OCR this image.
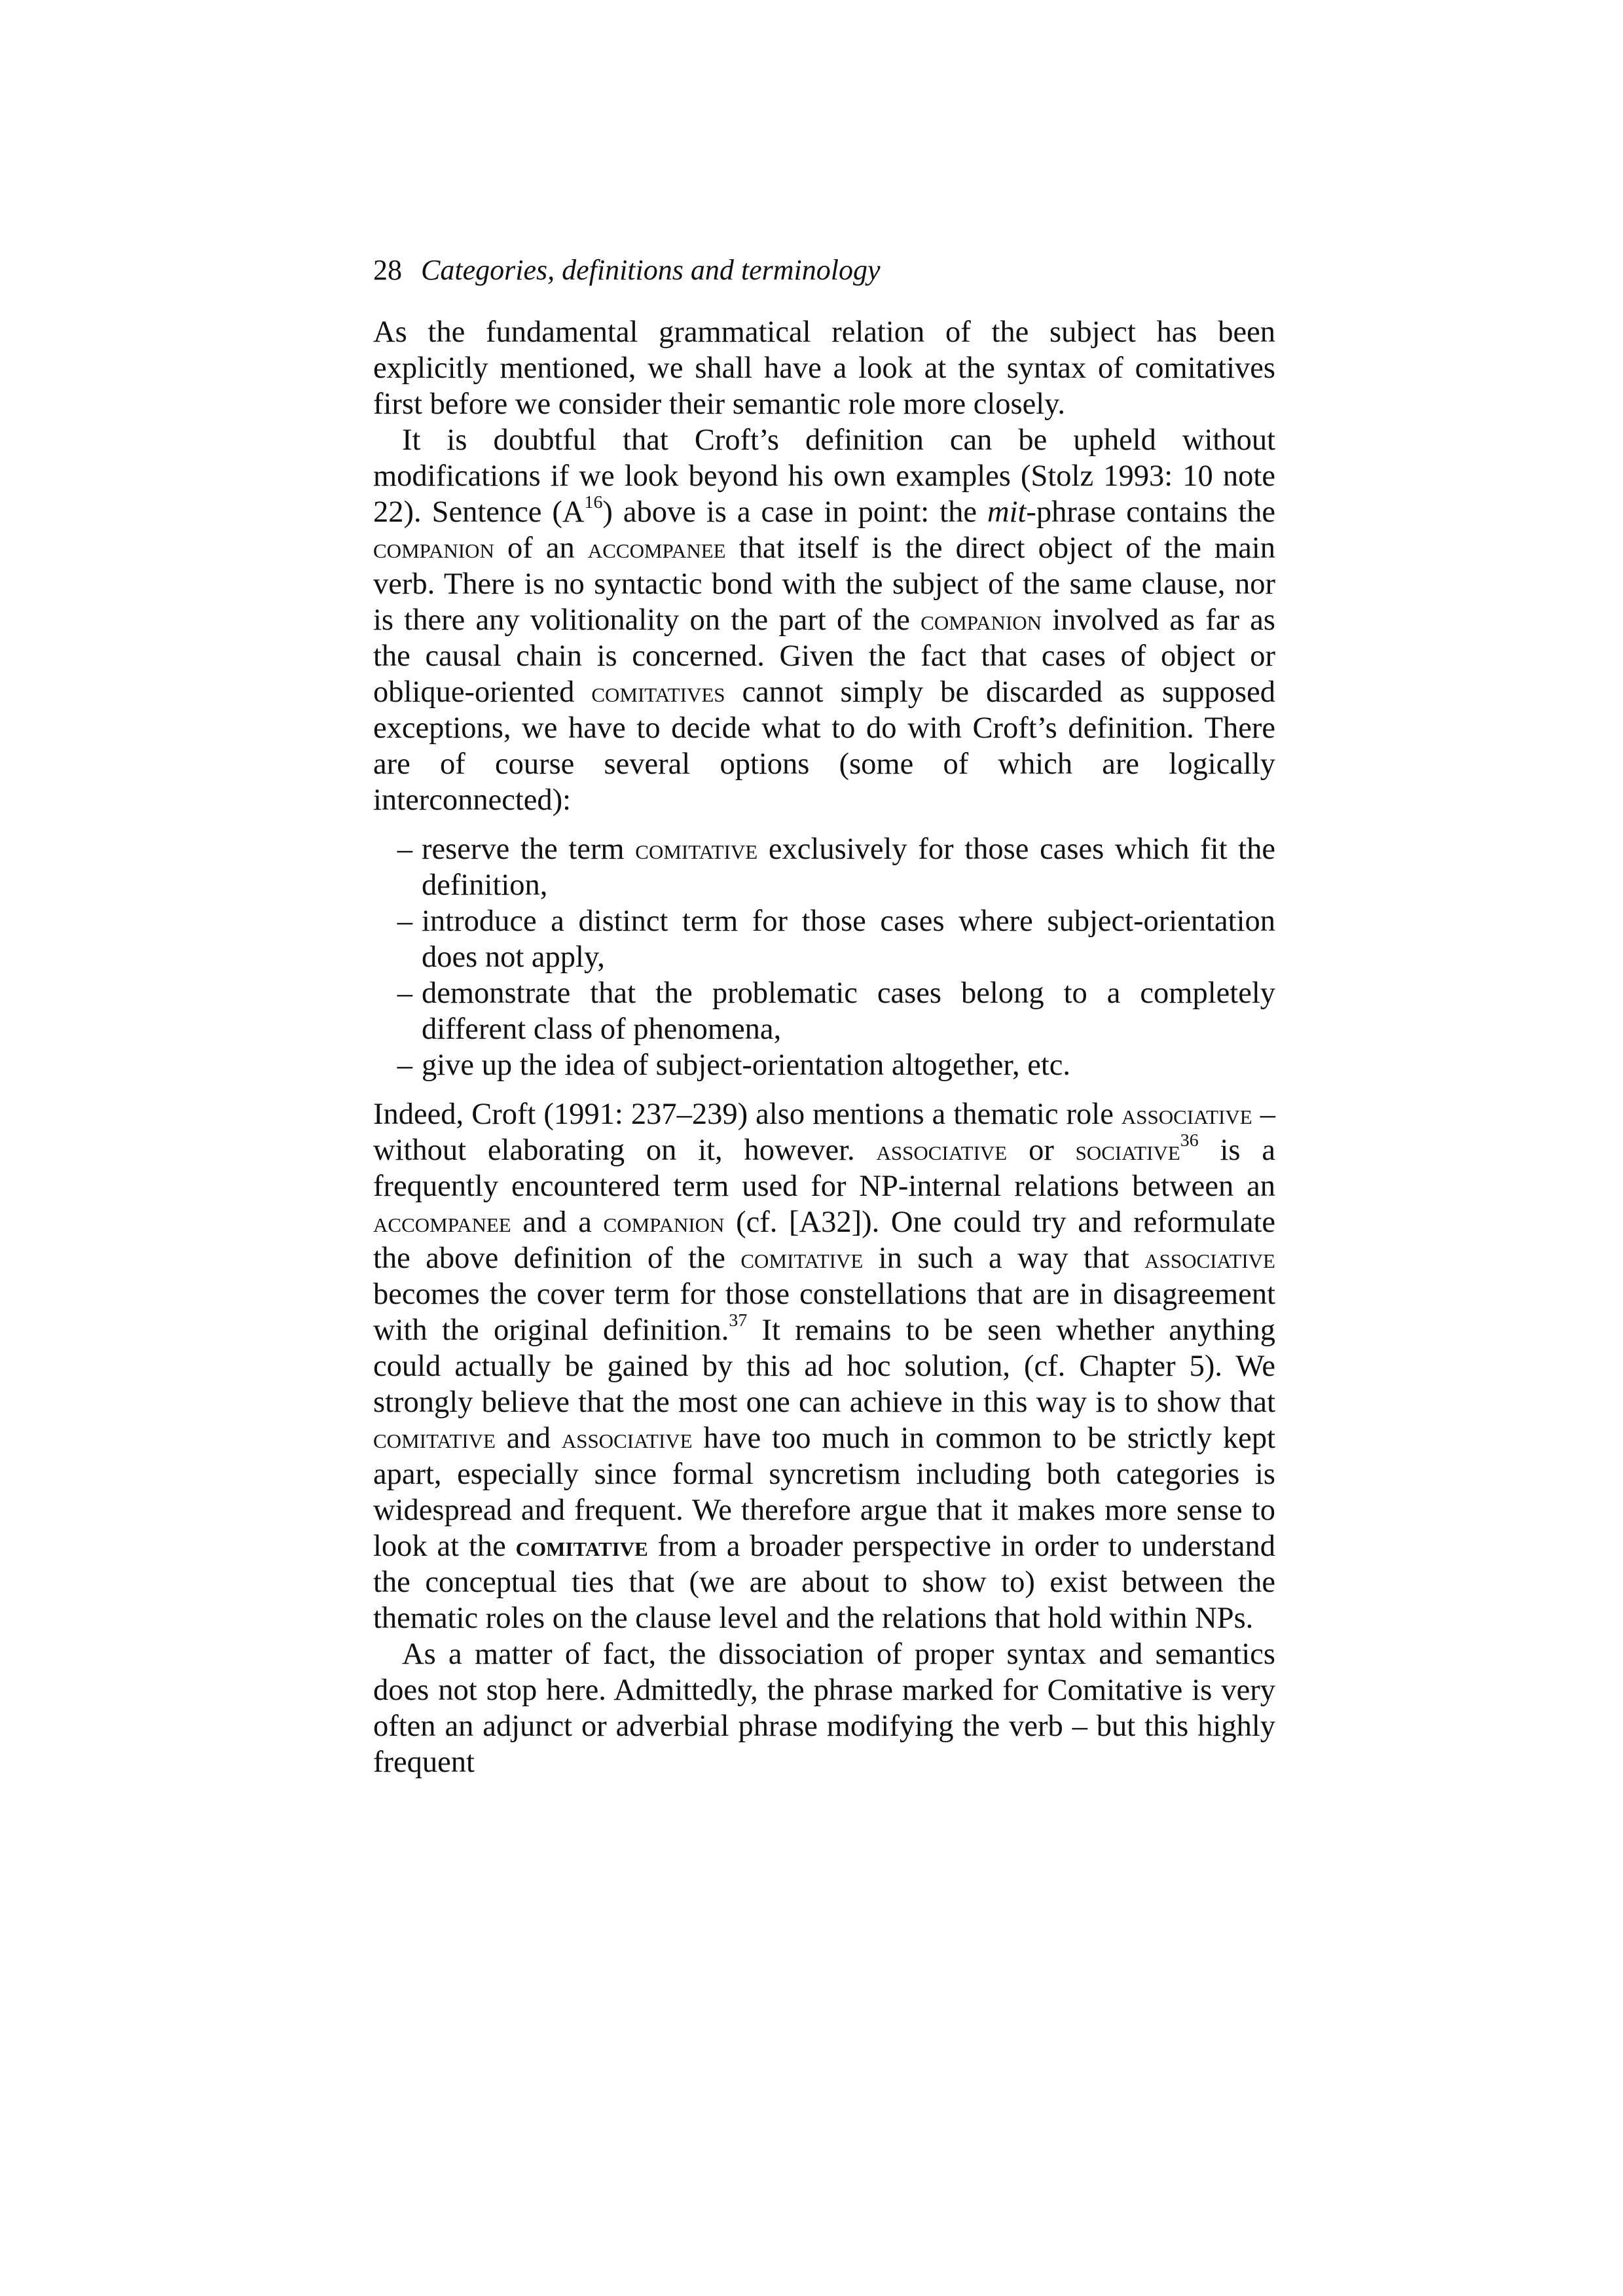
28 Categories, definitions and terminology

As the fundamental grammatical relation of the subject has been explicitly mentioned, we shall have a look at the syntax of comitatives first before we consider their semantic role more closely.

It is doubtful that Croft’s definition can be upheld without modifications if we look beyond his own examples (Stolz 1993: 10 note 22). Sentence $(A^{16})$ above is a case in point: the mit-phrase contains the companion of an accompanee that itself is the direct object of the main verb. There is no syntactic bond with the subject of the same clause, nor is there any volitionality on the part of the companion involved as far as the causal chain is concerned. Given the fact that cases of object or oblique-oriented comitatives cannot simply be discarded as supposed exceptions, we have to decide what to do with Croft’s definition. There are of course several options (some of which are logically interconnected):

– reserve the term comitative exclusively for those cases which fit the definition,
– introduce a distinct term for those cases where subject-orientation does not apply,
– demonstrate that the problematic cases belong to a completely different class of phenomena,
– give up the idea of subject-orientation altogether, etc.

Indeed, Croft (1991: 237–239) also mentions a thematic role associative – without elaborating on it, however. associative or sociative$^{36}$ is a frequently encountered term used for NP-internal relations between an accompanee and a companion (cf. [A32]). One could try and reformulate the above definition of the comitative in such a way that associative becomes the cover term for those constellations that are in disagreement with the original definition.$^{37}$ It remains to be seen whether anything could actually be gained by this ad hoc solution, (cf. Chapter 5). We strongly believe that the most one can achieve in this way is to show that comitative and associative have too much in common to be strictly kept apart, especially since formal syncretism including both categories is widespread and frequent. We therefore argue that it makes more sense to look at the comitative from a broader perspective in order to understand the conceptual ties that (we are about to show to) exist between the thematic roles on the clause level and the relations that hold within NPs.

As a matter of fact, the dissociation of proper syntax and semantics does not stop here. Admittedly, the phrase marked for Comitative is very often an adjunct or adverbial phrase modifying the verb – but this highly frequent
